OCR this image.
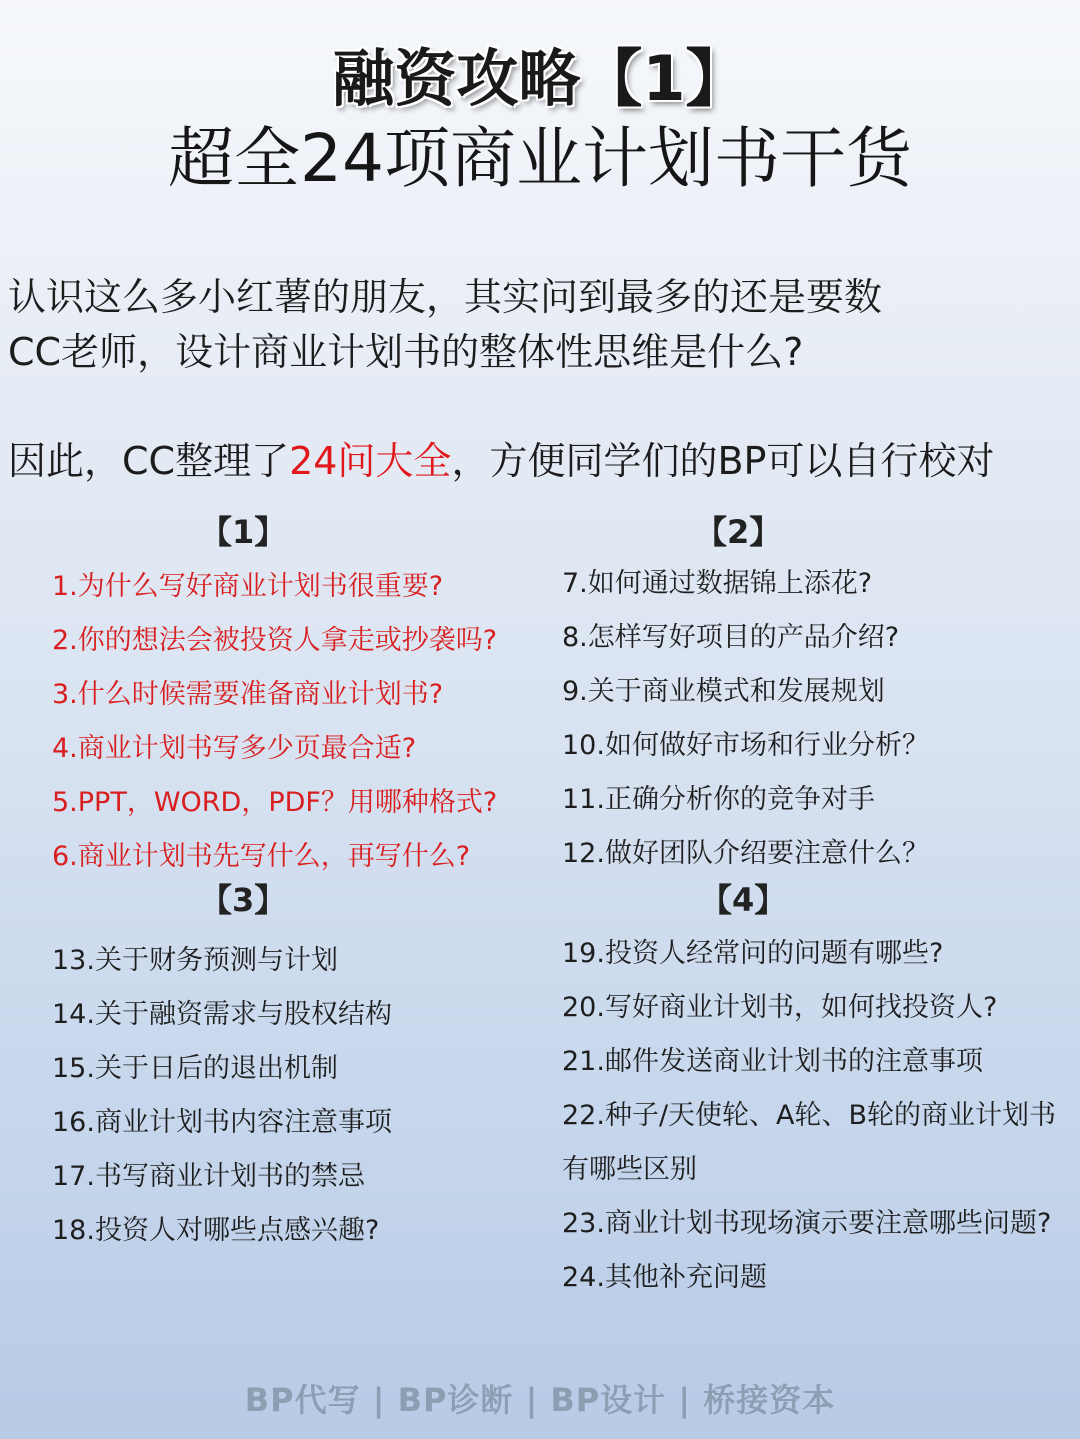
融资攻略【1】
超全24项商业计划书干货
认识这么多小红薯的朋友，其实问到最多的还是要数
CC老师，设计商业计划书的整体性思维是什么?
因此，CC整理了24问大全，方便同学们的BP可以自行校对
【1】
1.为什么写好商业计划书很重要?
2.你的想法会被投资人拿走或抄袭吗?
3.什么时候需要准备商业计划书?
4.商业计划书写多少页最合适?
5.PPT，WORD，PDF？用哪种格式?
6.商业计划书先写什么，再写什么?
【2】
7.如何通过数据锦上添花?
8.怎样写好项目的产品介绍?
9.关于商业模式和发展规划
10.如何做好市场和行业分析？
11.正确分析你的竞争对手
12.做好团队介绍要注意什么？
【3】
13.关于财务预测与计划
14.关于融资需求与股权结构
15.关于日后的退出机制
16.商业计划书内容注意事项
17.书写商业计划书的禁忌
18.投资人对哪些点感兴趣?
【4】
19.投资人经常问的问题有哪些?
20.写好商业计划书，如何找投资人?
21.邮件发送商业计划书的注意事项
22.种子/天使轮、A轮、B轮的商业计划书
有哪些区别
23.商业计划书现场演示要注意哪些问题?
24.其他补充问题
BP代写 | BP诊断 | BP设计 | 桥接资本
